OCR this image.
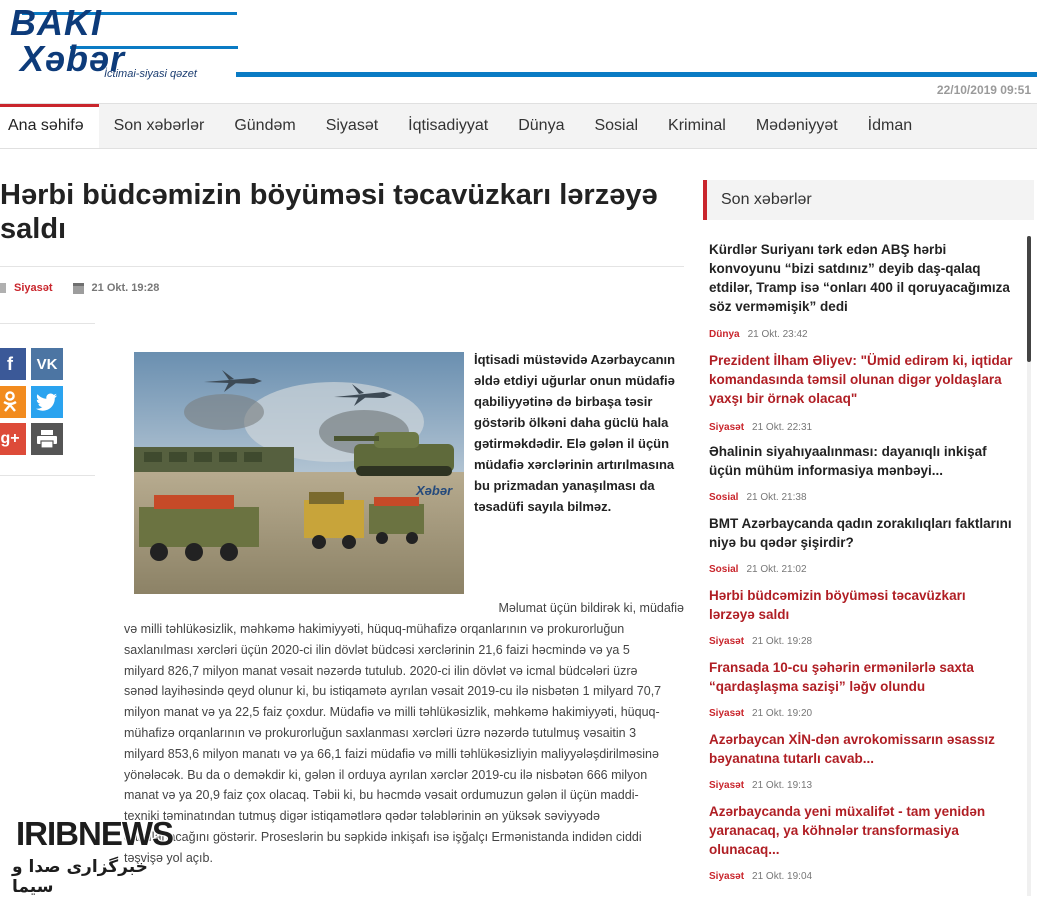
BAKI
Xəbər
İctimai-siyasi qəzet
22/10/2019 09:51
Ana səhifə	Son xəbərlər	Gündəm	Siyasət	İqtisadiyyat	Dünya	Sosial	Kriminal	Mədəniyyət	İdman
Hərbi büdcəmizin böyüməsi təcavüzkarı lərzəyə saldı
Siyasət	21 Okt. 19:28
f	VK
g+
Xəbər
İqtisadi müstəvidə Azərbaycanın əldə etdiyi uğurlar onun müdafiə qabiliyyətinə də birbaşa təsir göstərib ölkəni daha güclü hala gətirməkdədir. Elə gələn il üçün müdafiə xərclərinin artırılmasına bu prizmadan yanaşılması da təsadüfi sayıla bilməz.
Məlumat üçün bildirək ki, müdafiə
və milli təhlükəsizlik, məhkəmə hakimiyyəti, hüquq-mühafizə orqanlarının və prokurorluğun saxlanılması xərcləri üçün 2020-ci ilin dövlət büdcəsi xərclərinin 21,6 faizi həcmində və ya 5 milyard 826,7 milyon manat vəsait nəzərdə tutulub. 2020-ci ilin dövlət və icmal büdcələri üzrə sənəd layihəsində qeyd olunur ki, bu istiqamətə ayrılan vəsait 2019-cu ilə nisbətən 1 milyard 70,7 milyon manat və ya 22,5 faiz çoxdur. Müdafiə və milli təhlükəsizlik, məhkəmə hakimiyyəti, hüquq-mühafizə orqanlarının və prokurorluğun saxlanması xərcləri üzrə nəzərdə tutulmuş vəsaitin 3 milyard 853,6 milyon manatı və ya 66,1 faizi müdafiə və milli təhlükəsizliyin maliyyələşdirilməsinə yönələcək. Bu da o deməkdir ki, gələn il orduya ayrılan xərclər 2019-cu ilə nisbətən 666 milyon manat və ya 20,9 faiz çox olacaq. Təbii ki, bu həcmdə vəsait ordumuzun gələn il üçün maddi-texniki təminatından tutmuş digər istiqamətlərə qədər tələblərinin ən yüksək səviyyədə qarşılanacağını göstərir. Proseslərin bu səpkidə inkişafı isə işğalçı Ermənistanda indidən ciddi təşvişə yol açıb.
IRIBNEWS
خبرگزاری صدا و سیما
Son xəbərlər
Kürdlər Suriyanı tərk edən ABŞ hərbi konvoyunu “bizi satdınız” deyib daş-qalaq etdilər, Tramp isə “onları 400 il qoruyacağımıza söz verməmişik” dedi
Dünya 21 Okt. 23:42
Prezident İlham Əliyev: "Ümid edirəm ki, iqtidar komandasında təmsil olunan digər yoldaşlara yaxşı bir örnək olacaq"
Siyasət 21 Okt. 22:31
Əhalinin siyahıyaalınması: dayanıqlı inkişaf üçün mühüm informasiya mənbəyi...
Sosial 21 Okt. 21:38
BMT Azərbaycanda qadın zorakılıqları faktlarını niyə bu qədər şişirdir?
Sosial 21 Okt. 21:02
Hərbi büdcəmizin böyüməsi təcavüzkarı lərzəyə saldı
Siyasət 21 Okt. 19:28
Fransada 10-cu şəhərin ermənilərlə saxta “qardaşlaşma sazişi” ləğv olundu
Siyasət 21 Okt. 19:20
Azərbaycan XİN-dən avrokomissarın əsassız bəyanatına tutarlı cavab...
Siyasət 21 Okt. 19:13
Azərbaycanda yeni müxalifət - tam yenidən yaranacaq, ya köhnələr transformasiya olunacaq...
Siyasət 21 Okt. 19:04
